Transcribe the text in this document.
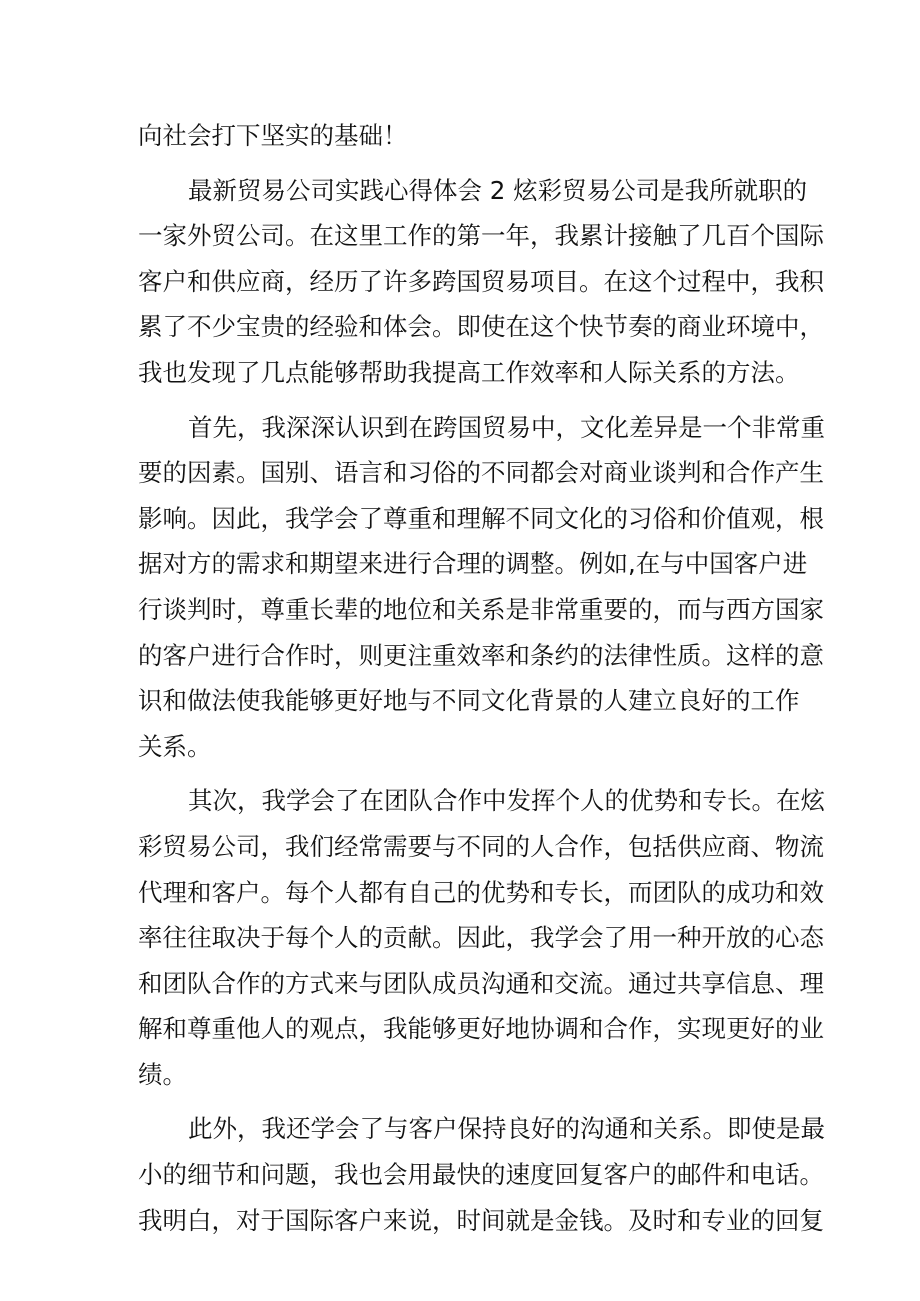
向社会打下坚实的基础！
最新贸易公司实践心得体会 2 炫彩贸易公司是我所就职的
一家外贸公司。在这里工作的第一年，我累计接触了几百个国际
客户和供应商，经历了许多跨国贸易项目。在这个过程中，我积
累了不少宝贵的经验和体会。即使在这个快节奏的商业环境中，
我也发现了几点能够帮助我提高工作效率和人际关系的方法。
首先，我深深认识到在跨国贸易中，文化差异是一个非常重
要的因素。国别、语言和习俗的不同都会对商业谈判和合作产生
影响。因此，我学会了尊重和理解不同文化的习俗和价值观，根
据对方的需求和期望来进行合理的调整。例如,在与中国客户进
行谈判时，尊重长辈的地位和关系是非常重要的，而与西方国家
的客户进行合作时，则更注重效率和条约的法律性质。这样的意
识和做法使我能够更好地与不同文化背景的人建立良好的工作
关系。
其次，我学会了在团队合作中发挥个人的优势和专长。在炫
彩贸易公司，我们经常需要与不同的人合作，包括供应商、物流
代理和客户。每个人都有自己的优势和专长，而团队的成功和效
率往往取决于每个人的贡献。因此，我学会了用一种开放的心态
和团队合作的方式来与团队成员沟通和交流。通过共享信息、理
解和尊重他人的观点，我能够更好地协调和合作，实现更好的业
绩。
此外，我还学会了与客户保持良好的沟通和关系。即使是最
小的细节和问题，我也会用最快的速度回复客户的邮件和电话。
我明白，对于国际客户来说，时间就是金钱。及时和专业的回复
